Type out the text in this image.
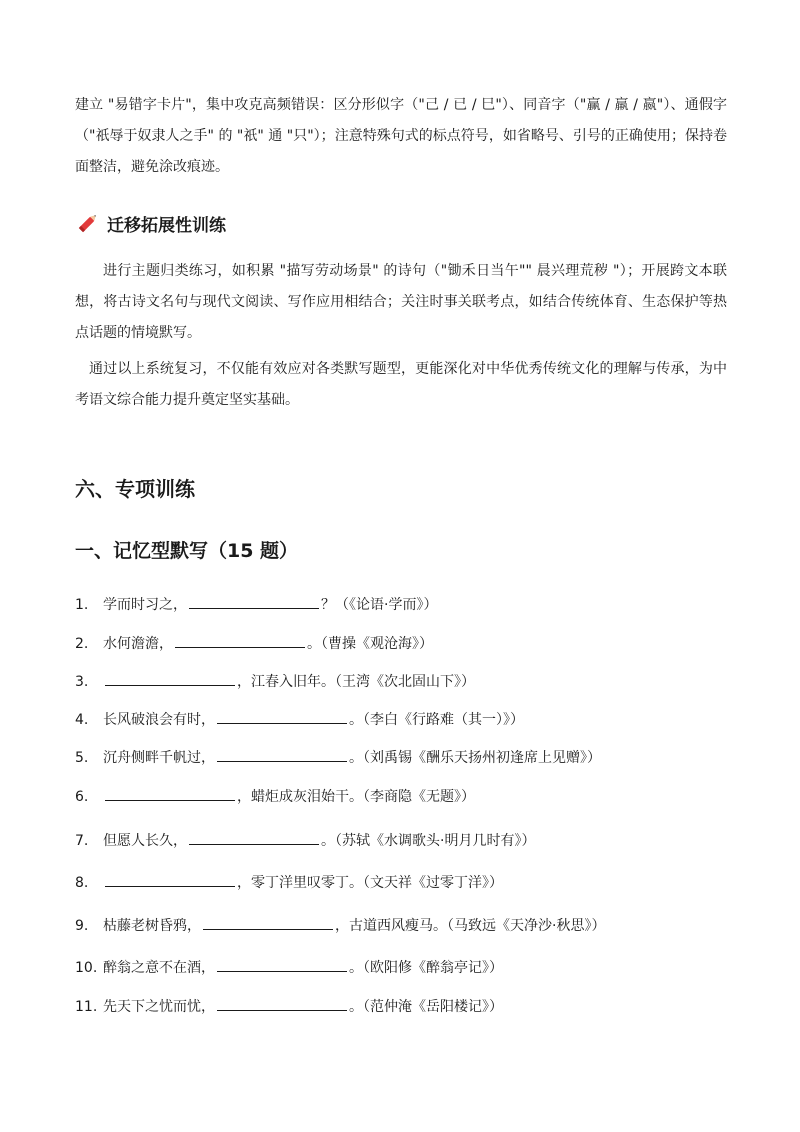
建立 "易错字卡片"，集中攻克高频错误：区分形似字（"己 / 已 / 巳"）、同音字（"赢 / 羸 / 嬴"）、通假字（"祇辱于奴隶人之手" 的 "祇" 通 "只"）；注意特殊句式的标点符号，如省略号、引号的正确使用；保持卷面整洁，避免涂改痕迹。

迁移拓展性训练

进行主题归类练习，如积累 "描写劳动场景" 的诗句（"锄禾日当午"" 晨兴理荒秽 "）；开展跨文本联想，将古诗文名句与现代文阅读、写作应用相结合；关注时事关联考点，如结合传统体育、生态保护等热点话题的情境默写。

通过以上系统复习，不仅能有效应对各类默写题型，更能深化对中华优秀传统文化的理解与传承，为中考语文综合能力提升奠定坚实基础。

六、专项训练
一、记忆型默写（15 题）
1. 学而时习之，	？（《论语·学而》）
2. 水何澹澹，	。（曹操《观沧海》）
3.	，江春入旧年。（王湾《次北固山下》）
4. 长风破浪会有时，	。（李白《行路难（其一）》）
5. 沉舟侧畔千帆过，	。（刘禹锡《酬乐天扬州初逢席上见赠》）
6.	，蜡炬成灰泪始干。（李商隐《无题》）
7. 但愿人长久，	。（苏轼《水调歌头·明月几时有》）
8.	，零丁洋里叹零丁。（文天祥《过零丁洋》）
9. 枯藤老树昏鸦，	，古道西风瘦马。（马致远《天净沙·秋思》）
10. 醉翁之意不在酒，	。（欧阳修《醉翁亭记》）
11. 先天下之忧而忧，	。（范仲淹《岳阳楼记》）
